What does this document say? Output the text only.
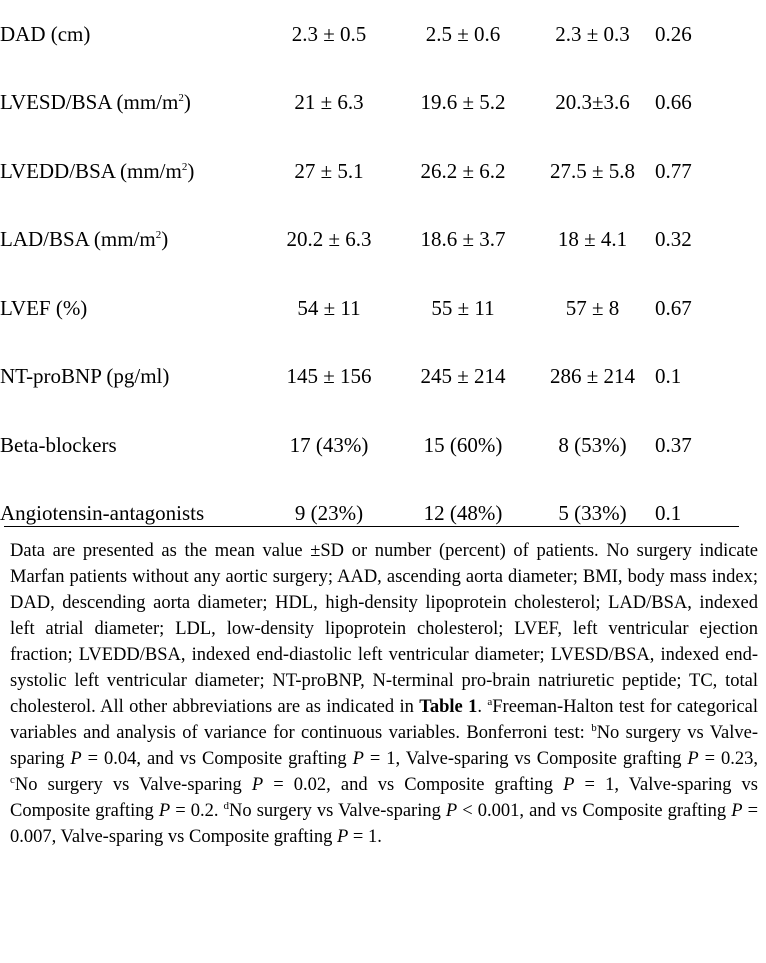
DAD (cm)	2.3 ± 0.5	2.5 ± 0.6	2.3 ± 0.3	0.26
LVESD/BSA $(mm/m^2)$	21 ± 6.3	19.6 ± 5.2	20.3±3.6	0.66
LVEDD/BSA $(mm/m^2)$	27 ± 5.1	26.2 ± 6.2	27.5 ± 5.8	0.77
LAD/BSA $(mm/m^2)$	20.2 ± 6.3	18.6 ± 3.7	18 ± 4.1	0.32
LVEF (%)	54 ± 11	55 ± 11	57 ± 8	0.67
NT-proBNP (pg/ml)	145 ± 156	245 ± 214	286 ± 214	0.1
Beta-blockers	17 (43%)	15 (60%)	8 (53%)	0.37
Angiotensin-antagonists	9 (23%)	12 (48%)	5 (33%)	0.1
Data are presented as the mean value ±SD or number (percent) of patients. No surgery indicate Marfan patients without any aortic surgery; AAD, ascending aorta diameter; BMI, body mass index; DAD, descending aorta diameter; HDL, high-density lipoprotein cholesterol; LAD/BSA, indexed left atrial diameter; LDL, low-density lipoprotein cholesterol; LVEF, left ventricular ejection fraction; LVEDD/BSA, indexed end-diastolic left ventricular diameter; LVESD/BSA, indexed end-systolic left ventricular diameter; NT-proBNP, N-terminal pro-brain natriuretic peptide; TC, total cholesterol. All other abbreviations are as indicated in Table 1. $^a$Freeman-Halton test for categorical variables and analysis of variance for continuous variables. Bonferroni test: $^b$No surgery vs Valve-sparing P = 0.04, and vs Composite grafting P = 1, Valve-sparing vs Composite grafting P = 0.23, $^c$No surgery vs Valve-sparing P = 0.02, and vs Composite grafting P = 1, Valve-sparing vs Composite grafting P = 0.2. $^d$No surgery vs Valve-sparing P < 0.001, and vs Composite grafting P = 0.007, Valve-sparing vs Composite grafting P = 1.
